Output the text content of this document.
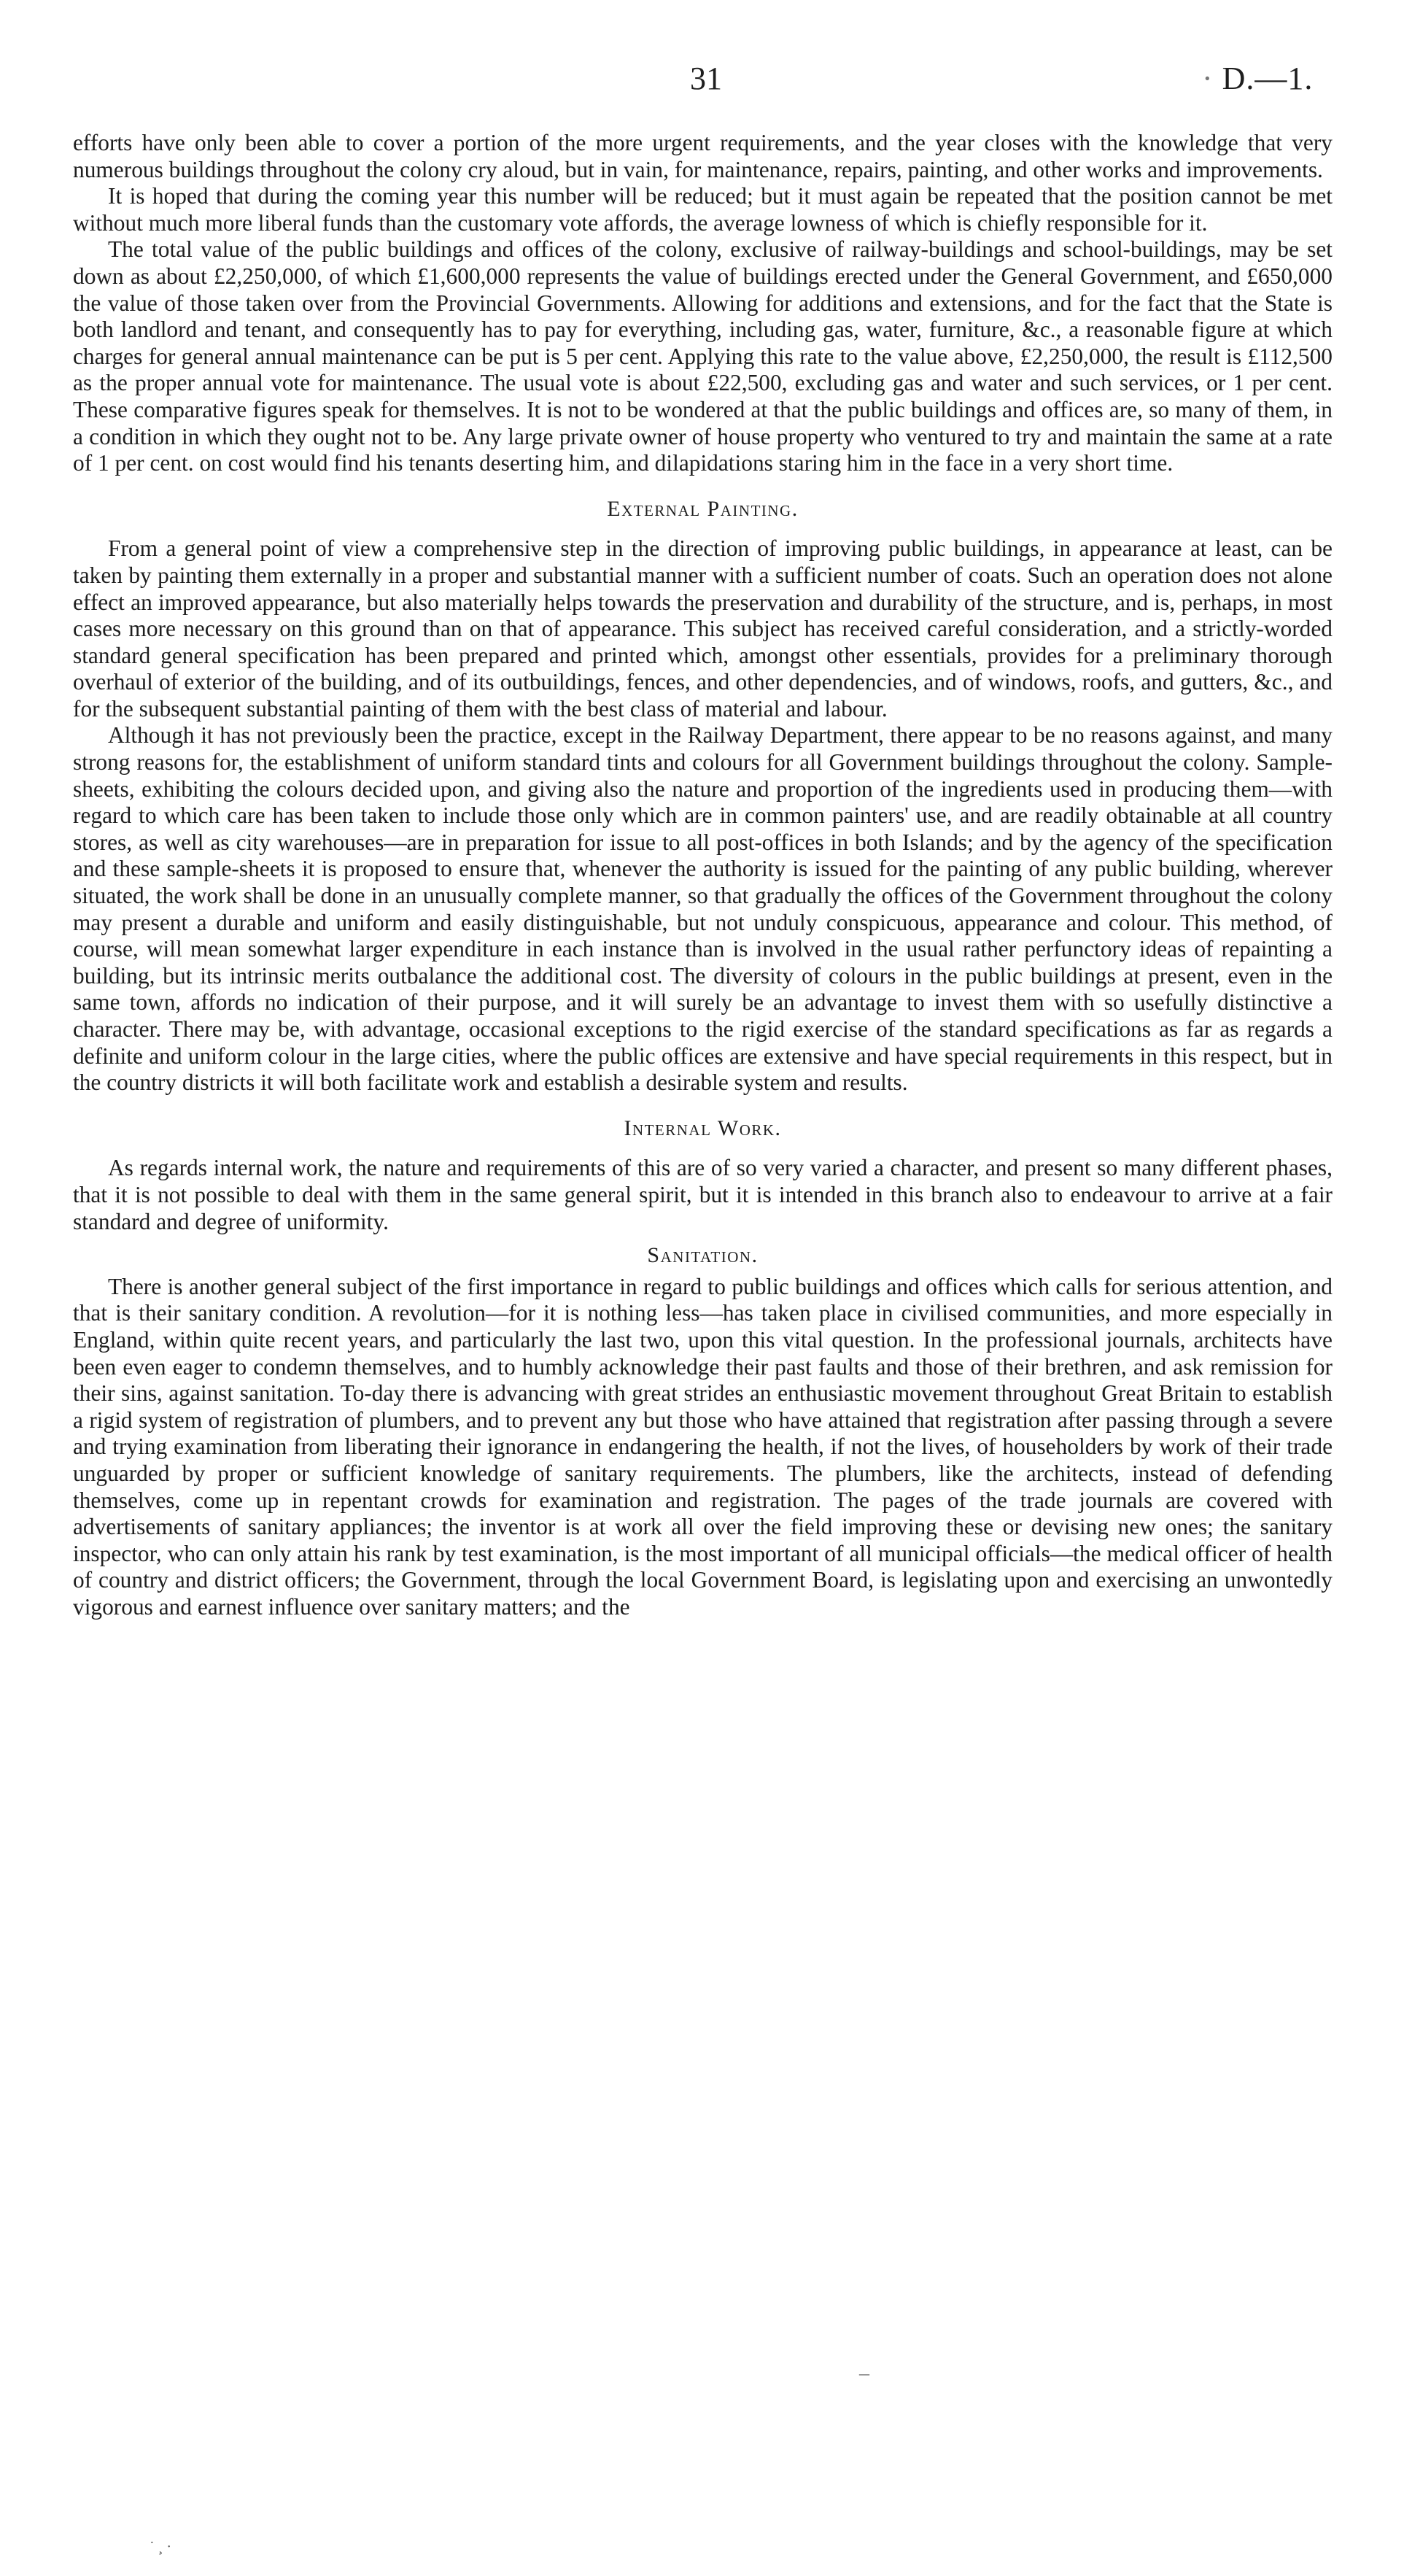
31
·	D.—1.

efforts have only been able to cover a portion of the more urgent requirements, and the year closes with the knowledge that very numerous buildings throughout the colony cry aloud, but in vain, for maintenance, repairs, painting, and other works and improvements.

It is hoped that during the coming year this number will be reduced; but it must again be repeated that the position cannot be met without much more liberal funds than the customary vote affords, the average lowness of which is chiefly responsible for it.

The total value of the public buildings and offices of the colony, exclusive of railway-buildings and school-buildings, may be set down as about £2,250,000, of which £1,600,000 represents the value of buildings erected under the General Government, and £650,000 the value of those taken over from the Provincial Governments. Allowing for additions and extensions, and for the fact that the State is both landlord and tenant, and consequently has to pay for everything, including gas, water, furniture, &c., a reasonable figure at which charges for general annual maintenance can be put is 5 per cent. Applying this rate to the value above, £2,250,000, the result is £112,500 as the proper annual vote for maintenance. The usual vote is about £22,500, excluding gas and water and such services, or 1 per cent. These comparative figures speak for themselves. It is not to be wondered at that the public buildings and offices are, so many of them, in a condition in which they ought not to be. Any large private owner of house property who ventured to try and maintain the same at a rate of 1 per cent. on cost would find his tenants deserting him, and dilapidations staring him in the face in a very short time.

External Painting.

From a general point of view a comprehensive step in the direction of improving public buildings, in appearance at least, can be taken by painting them externally in a proper and substantial manner with a sufficient number of coats. Such an operation does not alone effect an improved appearance, but also materially helps towards the preservation and durability of the structure, and is, perhaps, in most cases more necessary on this ground than on that of appearance. This subject has received careful consideration, and a strictly-worded standard general specification has been prepared and printed which, amongst other essentials, provides for a preliminary thorough overhaul of exterior of the building, and of its outbuildings, fences, and other dependencies, and of windows, roofs, and gutters, &c., and for the subsequent substantial painting of them with the best class of material and labour.

Although it has not previously been the practice, except in the Railway Department, there appear to be no reasons against, and many strong reasons for, the establishment of uniform standard tints and colours for all Government buildings throughout the colony. Sample-sheets, exhibiting the colours decided upon, and giving also the nature and proportion of the ingredients used in producing them—with regard to which care has been taken to include those only which are in common painters' use, and are readily obtainable at all country stores, as well as city warehouses—are in preparation for issue to all post-offices in both Islands; and by the agency of the specification and these sample-sheets it is proposed to ensure that, whenever the authority is issued for the painting of any public building, wherever situated, the work shall be done in an unusually complete manner, so that gradually the offices of the Government throughout the colony may present a durable and uniform and easily distinguishable, but not unduly conspicuous, appearance and colour. This method, of course, will mean somewhat larger expenditure in each instance than is involved in the usual rather perfunctory ideas of repainting a building, but its intrinsic merits outbalance the additional cost. The diversity of colours in the public buildings at present, even in the same town, affords no indication of their purpose, and it will surely be an advantage to invest them with so usefully distinctive a character. There may be, with advantage, occasional exceptions to the rigid exercise of the standard specifications as far as regards a definite and uniform colour in the large cities, where the public offices are extensive and have special requirements in this respect, but in the country districts it will both facilitate work and establish a desirable system and results.

Internal Work.

As regards internal work, the nature and requirements of this are of so very varied a character, and present so many different phases, that it is not possible to deal with them in the same general spirit, but it is intended in this branch also to endeavour to arrive at a fair standard and degree of uniformity.

Sanitation.

There is another general subject of the first importance in regard to public buildings and offices which calls for serious attention, and that is their sanitary condition. A revolution—for it is nothing less—has taken place in civilised communities, and more especially in England, within quite recent years, and particularly the last two, upon this vital question. In the professional journals, architects have been even eager to condemn themselves, and to humbly acknowledge their past faults and those of their brethren, and ask remission for their sins, against sanitation. To-day there is advancing with great strides an enthusiastic movement throughout Great Britain to establish a rigid system of registration of plumbers, and to prevent any but those who have attained that registration after passing through a severe and trying examination from liberating their ignorance in endangering the health, if not the lives, of householders by work of their trade unguarded by proper or sufficient knowledge of sanitary requirements. The plumbers, like the architects, instead of defending themselves, come up in repentant crowds for examination and registration. The pages of the trade journals are covered with advertisements of sanitary appliances; the inventor is at work all over the field improving these or devising new ones; the sanitary inspector, who can only attain his rank by test examination, is the most important of all municipal officials—the medical officer of health of country and district officers; the Government, through the local Government Board, is legislating upon and exercising an unwontedly vigorous and earnest influence over sanitary matters; and the

–
˙ ¸ ·
